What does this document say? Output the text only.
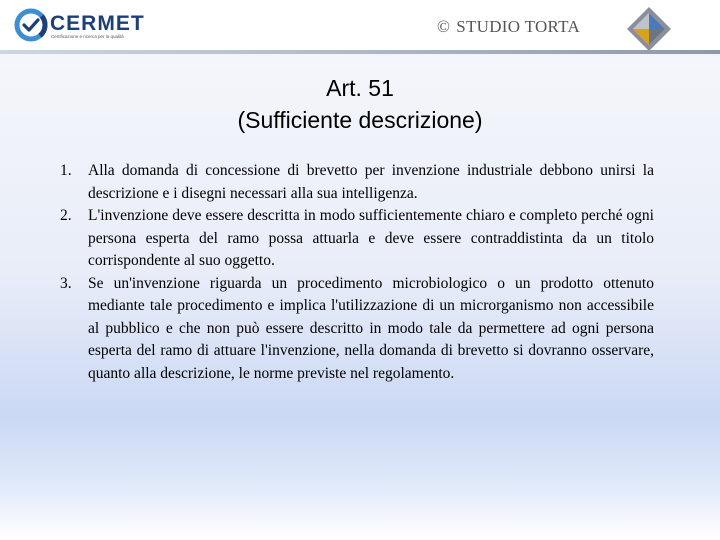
CERMET
Certificazione e ricerca per la qualità
© STUDIO TORTA
Art. 51
(Sufficiente descrizione)
1. Alla domanda di concessione di brevetto per invenzione industriale debbono unirsi la descrizione e i disegni necessari alla sua intelligenza.
2. L'invenzione deve essere descritta in modo sufficientemente chiaro e completo perché ogni persona esperta del ramo possa attuarla e deve essere contraddistinta da un titolo corrispondente al suo oggetto.
3. Se un'invenzione riguarda un procedimento microbiologico o un prodotto ottenuto mediante tale procedimento e implica l'utilizzazione di un microrganismo non accessibile al pubblico e che non può essere descritto in modo tale da permettere ad ogni persona esperta del ramo di attuare l'invenzione, nella domanda di brevetto si dovranno osservare, quanto alla descrizione, le norme previste nel regolamento.
